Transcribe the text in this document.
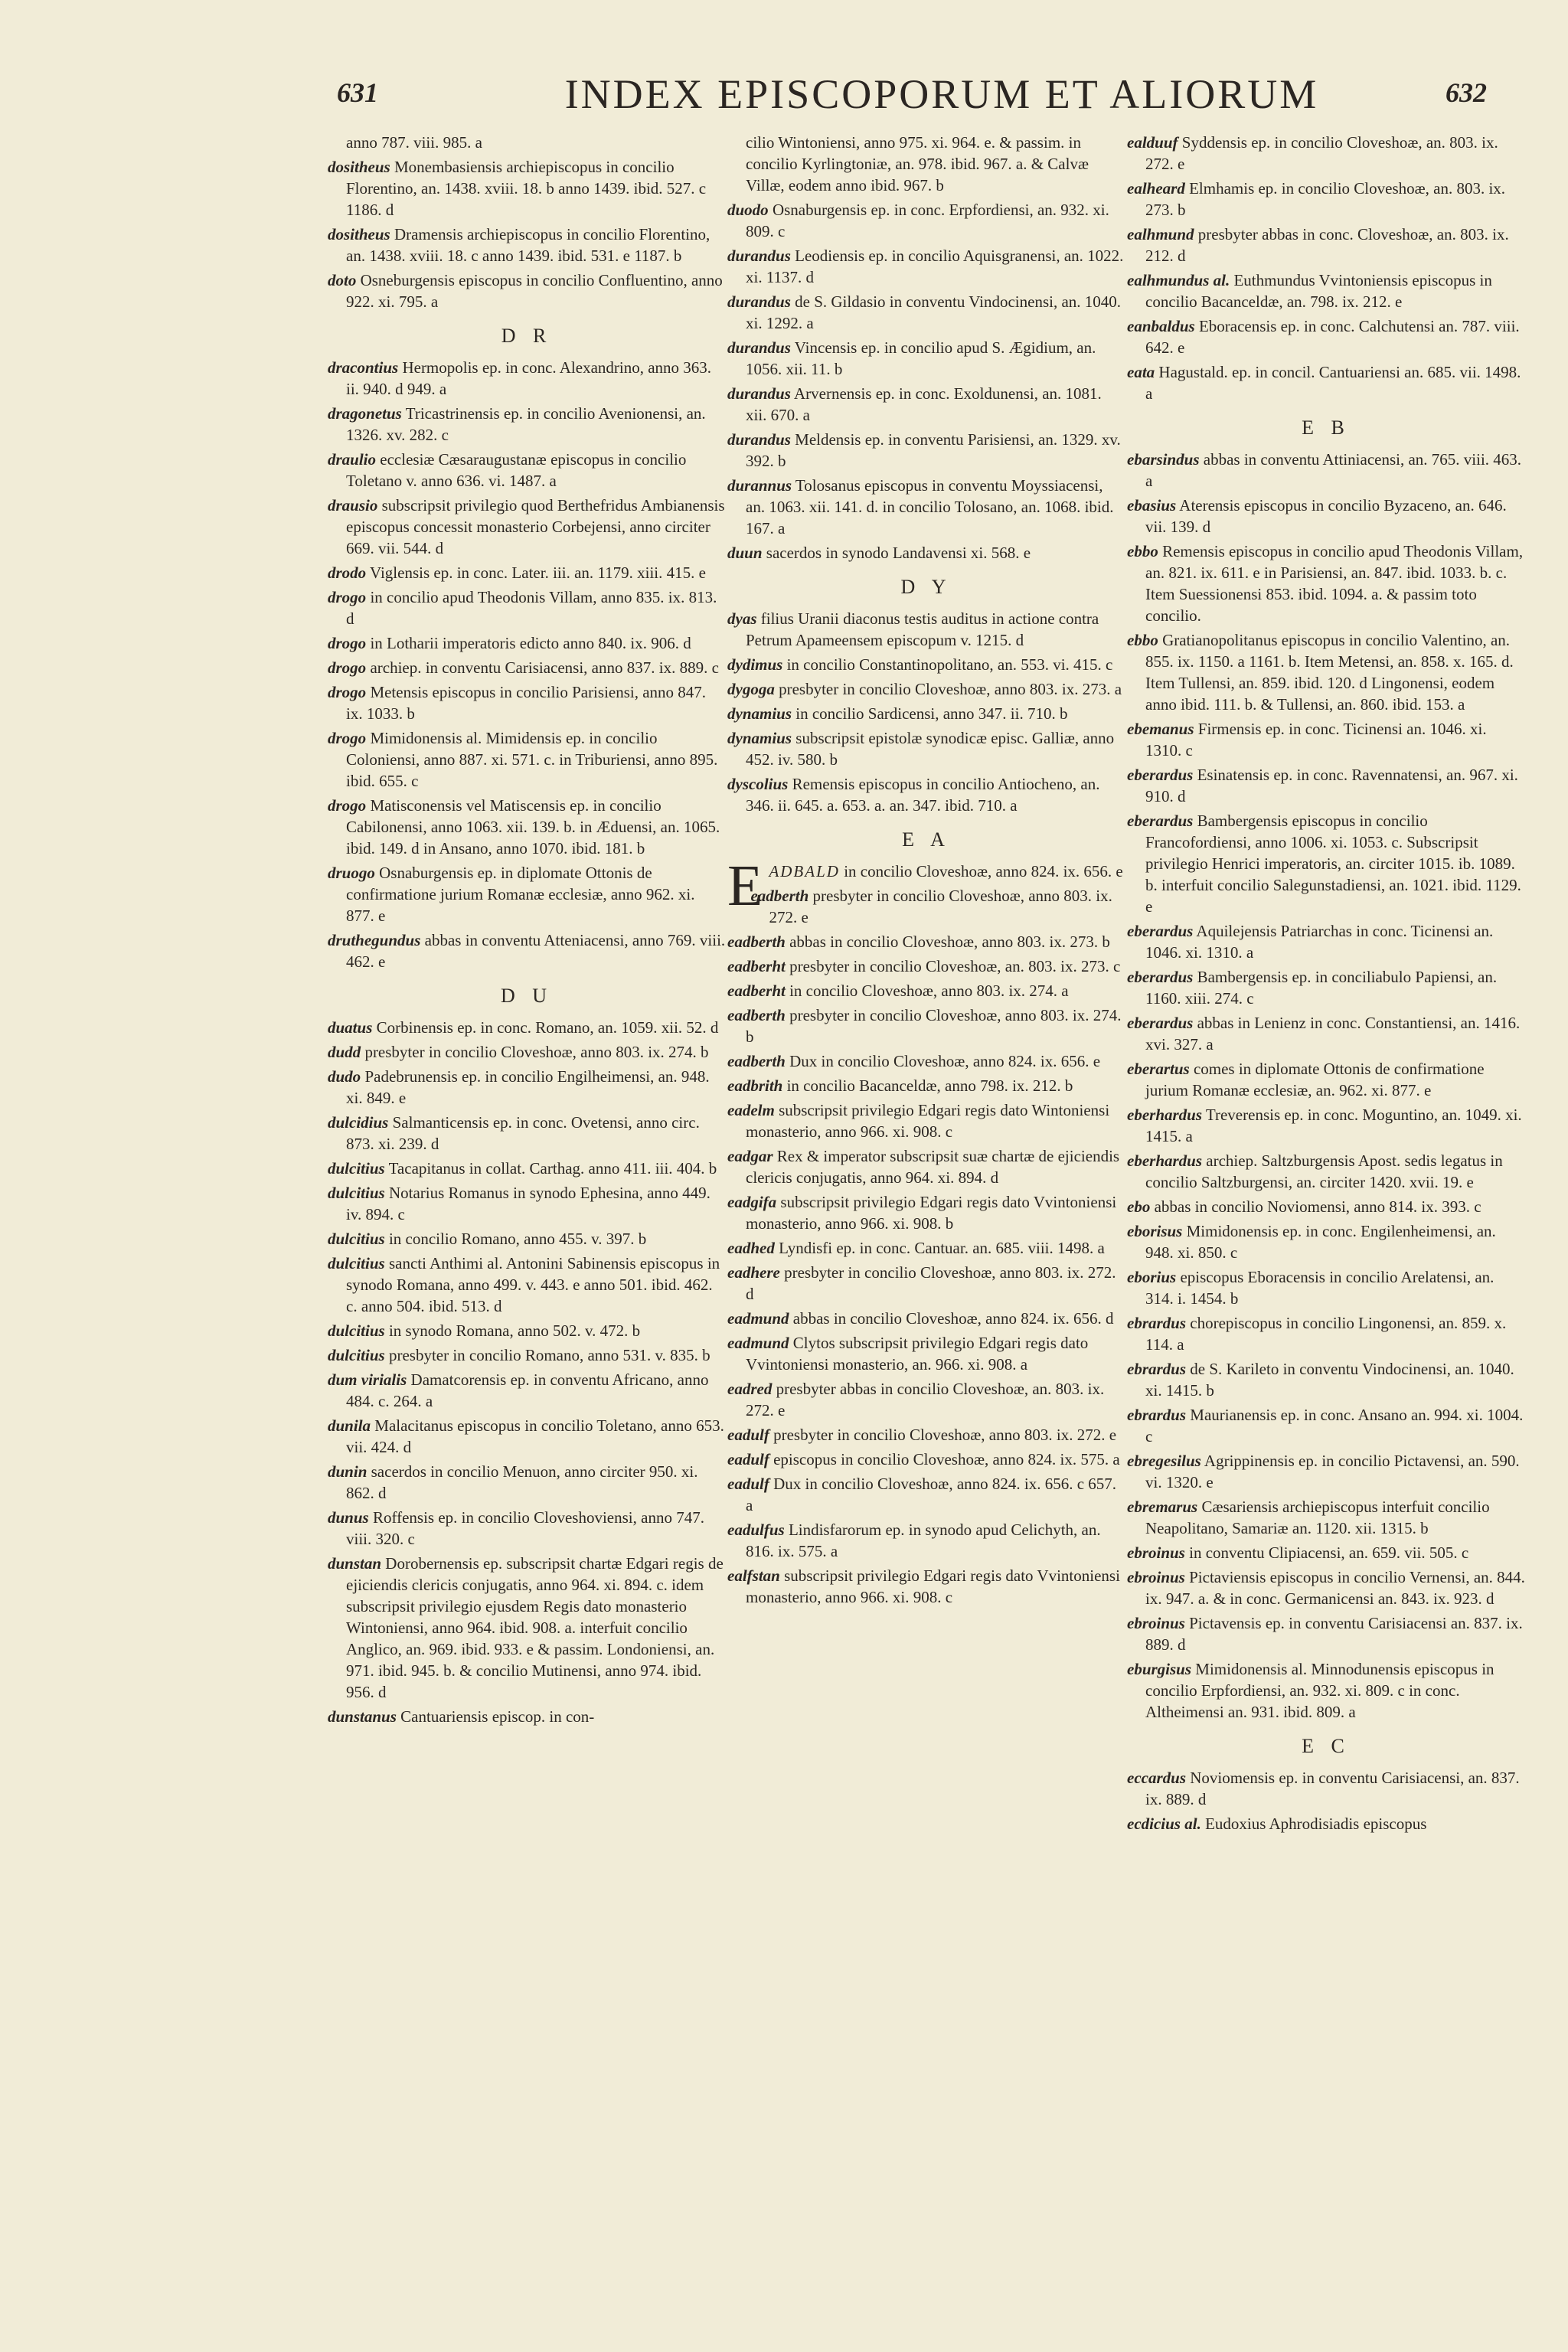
631	INDEX EPISCOPORUM ET ALIORUM	632
anno 787. viii. 985. a
dositheus Monembasiensis archiepiscopus in concilio Florentino, an. 1438. xviii. 18. b anno 1439. ibid. 527. c 1186. d
dositheus Dramensis archiepiscopus in concilio Florentino, an. 1438. xviii. 18. c anno 1439. ibid. 531. e 1187. b
doto Osneburgensis episcopus in concilio Confluentino, anno 922. xi. 795. a
D R
dracontius Hermopolis ep. in conc. Alexandrino, anno 363. ii. 940. d 949. a
dragonetus Tricastrinensis ep. in concilio Avenionensi, an. 1326. xv. 282. c
draulio ecclesiæ Cæsaraugustanæ episcopus in concilio Toletano v. anno 636. vi. 1487. a
drausio subscripsit privilegio quod Berthefridus Ambianensis episcopus concessit monasterio Corbejensi, anno circiter 669. vii. 544. d
drodo Viglensis ep. in conc. Later. iii. an. 1179. xiii. 415. e
drogo in concilio apud Theodonis Villam, anno 835. ix. 813. d
drogo in Lotharii imperatoris edicto anno 840. ix. 906. d
drogo archiep. in conventu Carisiacensi, anno 837. ix. 889. c
drogo Metensis episcopus in concilio Parisiensi, anno 847. ix. 1033. b
drogo Mimidonensis al. Mimidensis ep. in concilio Coloniensi, anno 887. xi. 571. c. in Triburiensi, anno 895. ibid. 655. c
drogo Matisconensis vel Matiscensis ep. in concilio Cabilonensi, anno 1063. xii. 139. b. in Æduensi, an. 1065. ibid. 149. d in Ansano, anno 1070. ibid. 181. b
druogo Osnaburgensis ep. in diplomate Ottonis de confirmatione jurium Romanæ ecclesiæ, anno 962. xi. 877. e
druthegundus abbas in conventu Atteniacensi, anno 769. viii. 462. e
D U
duatus Corbinensis ep. in conc. Romano, an. 1059. xii. 52. d
dudd presbyter in concilio Cloveshoæ, anno 803. ix. 274. b
dudo Padebrunensis ep. in concilio Engilheimensi, an. 948. xi. 849. e
dulcidius Salmanticensis ep. in conc. Ovetensi, anno circ. 873. xi. 239. d
dulcitius Tacapitanus in collat. Carthag. anno 411. iii. 404. b
dulcitius Notarius Romanus in synodo Ephesina, anno 449. iv. 894. c
dulcitius in concilio Romano, anno 455. v. 397. b
dulcitius sancti Anthimi al. Antonini Sabinensis episcopus in synodo Romana, anno 499. v. 443. e anno 501. ibid. 462. c. anno 504. ibid. 513. d
dulcitius in synodo Romana, anno 502. v. 472. b
dulcitius presbyter in concilio Romano, anno 531. v. 835. b
dum virialis Damatcorensis ep. in conventu Africano, anno 484. c. 264. a
dunila Malacitanus episcopus in concilio Toletano, anno 653. vii. 424. d
dunin sacerdos in concilio Menuon, anno circiter 950. xi. 862. d
dunus Roffensis ep. in concilio Cloveshoviensi, anno 747. viii. 320. c
dunstan Dorobernensis ep. subscripsit chartæ Edgari regis de ejiciendis clericis conjugatis, anno 964. xi. 894. c. idem subscripsit privilegio ejusdem Regis dato monasterio Wintoniensi, anno 964. ibid. 908. a. interfuit concilio Anglico, an. 969. ibid. 933. e & passim. Londoniensi, an. 971. ibid. 945. b. & concilio Mutinensi, anno 974. ibid. 956. d
dunstanus Cantuariensis episcop. in con-
cilio Wintoniensi, anno 975. xi. 964. e. & passim. in concilio Kyrlingtoniæ, an. 978. ibid. 967. a. & Calvæ Villæ, eodem anno ibid. 967. b
duodo Osnaburgensis ep. in conc. Erpfordiensi, an. 932. xi. 809. c
durandus Leodiensis ep. in concilio Aquisgranensi, an. 1022. xi. 1137. d
durandus de S. Gildasio in conventu Vindocinensi, an. 1040. xi. 1292. a
durandus Vincensis ep. in concilio apud S. Ægidium, an. 1056. xii. 11. b
durandus Arvernensis ep. in conc. Exoldunensi, an. 1081. xii. 670. a
durandus Meldensis ep. in conventu Parisiensi, an. 1329. xv. 392. b
durannus Tolosanus episcopus in conventu Moyssiacensi, an. 1063. xii. 141. d. in concilio Tolosano, an. 1068. ibid. 167. a
duun sacerdos in synodo Landavensi xi. 568. e
D Y
dyas filius Uranii diaconus testis auditus in actione contra Petrum Apameensem episcopum v. 1215. d
dydimus in concilio Constantinopolitano, an. 553. vi. 415. c
dygoga presbyter in concilio Cloveshoæ, anno 803. ix. 273. a
dynamius in concilio Sardicensi, anno 347. ii. 710. b
dynamius subscripsit epistolæ synodicæ episc. Galliæ, anno 452. iv. 580. b
dyscolius Remensis episcopus in concilio Antiocheno, an. 346. ii. 645. a. 653. a. an. 347. ibid. 710. a
E A
EADBALD in concilio Cloveshoæ, anno 824. ix. 656. e
eadberth presbyter in concilio Cloveshoæ, anno 803. ix. 272. e
eadberth abbas in concilio Cloveshoæ, anno 803. ix. 273. b
eadberht presbyter in concilio Cloveshoæ, an. 803. ix. 273. c
eadberht in concilio Cloveshoæ, anno 803. ix. 274. a
eadberth presbyter in concilio Cloveshoæ, anno 803. ix. 274. b
eadberth Dux in concilio Cloveshoæ, anno 824. ix. 656. e
eadbrith in concilio Bacanceldæ, anno 798. ix. 212. b
eadelm subscripsit privilegio Edgari regis dato Wintoniensi monasterio, anno 966. xi. 908. c
eadgar Rex & imperator subscripsit suæ chartæ de ejiciendis clericis conjugatis, anno 964. xi. 894. d
eadgifa subscripsit privilegio Edgari regis dato Vvintoniensi monasterio, anno 966. xi. 908. b
eadhed Lyndisfi ep. in conc. Cantuar. an. 685. viii. 1498. a
eadhere presbyter in concilio Cloveshoæ, anno 803. ix. 272. d
eadmund abbas in concilio Cloveshoæ, anno 824. ix. 656. d
eadmund Clytos subscripsit privilegio Edgari regis dato Vvintoniensi monasterio, an. 966. xi. 908. a
eadred presbyter abbas in concilio Cloveshoæ, an. 803. ix. 272. e
eadulf presbyter in concilio Cloveshoæ, anno 803. ix. 272. e
eadulf episcopus in concilio Cloveshoæ, anno 824. ix. 575. a
eadulf Dux in concilio Cloveshoæ, anno 824. ix. 656. c 657. a
eadulfus Lindisfarorum ep. in synodo apud Celichyth, an. 816. ix. 575. a
ealfstan subscripsit privilegio Edgari regis dato Vvintoniensi monasterio, anno 966. xi. 908. c
ealduuf Syddensis ep. in concilio Cloveshoæ, an. 803. ix. 272. e
ealheard Elmhamis ep. in concilio Cloveshoæ, an. 803. ix. 273. b
ealhmund presbyter abbas in conc. Cloveshoæ, an. 803. ix. 212. d
ealhmundus al. Euthmundus Vvintoniensis episcopus in concilio Bacanceldæ, an. 798. ix. 212. e
eanbaldus Eboracensis ep. in conc. Calchutensi an. 787. viii. 642. e
eata Hagustald. ep. in concil. Cantuariensi an. 685. vii. 1498. a
E B
ebarsindus abbas in conventu Attiniacensi, an. 765. viii. 463. a
ebasius Aterensis episcopus in concilio Byzaceno, an. 646. vii. 139. d
ebbo Remensis episcopus in concilio apud Theodonis Villam, an. 821. ix. 611. e in Parisiensi, an. 847. ibid. 1033. b. c. Item Suessionensi 853. ibid. 1094. a. & passim toto concilio.
ebbo Gratianopolitanus episcopus in concilio Valentino, an. 855. ix. 1150. a 1161. b. Item Metensi, an. 858. x. 165. d. Item Tullensi, an. 859. ibid. 120. d Lingonensi, eodem anno ibid. 111. b. & Tullensi, an. 860. ibid. 153. a
ebemanus Firmensis ep. in conc. Ticinensi an. 1046. xi. 1310. c
eberardus Esinatensis ep. in conc. Ravennatensi, an. 967. xi. 910. d
eberardus Bambergensis episcopus in concilio Francofordiensi, anno 1006. xi. 1053. c. Subscripsit privilegio Henrici imperatoris, an. circiter 1015. ib. 1089. b. interfuit concilio Salegunstadiensi, an. 1021. ibid. 1129. e
eberardus Aquilejensis Patriarchas in conc. Ticinensi an. 1046. xi. 1310. a
eberardus Bambergensis ep. in conciliabulo Papiensi, an. 1160. xiii. 274. c
eberardus abbas in Lenienz in conc. Constantiensi, an. 1416. xvi. 327. a
eberartus comes in diplomate Ottonis de confirmatione jurium Romanæ ecclesiæ, an. 962. xi. 877. e
eberhardus Treverensis ep. in conc. Moguntino, an. 1049. xi. 1415. a
eberhardus archiep. Saltzburgensis Apost. sedis legatus in concilio Saltzburgensi, an. circiter 1420. xvii. 19. e
ebo abbas in concilio Noviomensi, anno 814. ix. 393. c
eborisus Mimidonensis ep. in conc. Engilenheimensi, an. 948. xi. 850. c
eborius episcopus Eboracensis in concilio Arelatensi, an. 314. i. 1454. b
ebrardus chorepiscopus in concilio Lingonensi, an. 859. x. 114. a
ebrardus de S. Karileto in conventu Vindocinensi, an. 1040. xi. 1415. b
ebrardus Maurianensis ep. in conc. Ansano an. 994. xi. 1004. c
ebregesilus Agrippinensis ep. in concilio Pictavensi, an. 590. vi. 1320. e
ebremarus Cæsariensis archiepiscopus interfuit concilio Neapolitano, Samariæ an. 1120. xii. 1315. b
ebroinus in conventu Clipiacensi, an. 659. vii. 505. c
ebroinus Pictaviensis episcopus in concilio Vernensi, an. 844. ix. 947. a. & in conc. Germanicensi an. 843. ix. 923. d
ebroinus Pictavensis ep. in conventu Carisiacensi an. 837. ix. 889. d
eburgisus Mimidonensis al. Minnodunensis episcopus in concilio Erpfordiensi, an. 932. xi. 809. c in conc. Altheimensi an. 931. ibid. 809. a
E C
eccardus Noviomensis ep. in conventu Carisiacensi, an. 837. ix. 889. d
ecdicius al. Eudoxius Aphrodisiadis episcopus
